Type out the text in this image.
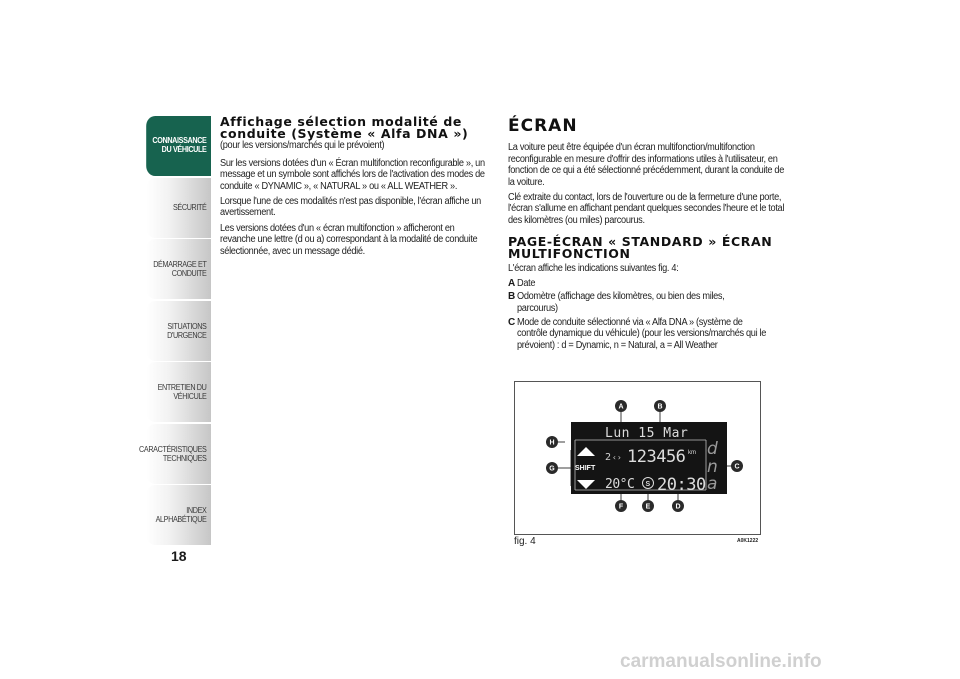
CONNAISSANCE
DU VÉHICULE
SÉCURITÉ
DÉMARRAGE ET
CONDUITE
SITUATIONS
D'URGENCE
ENTRETIEN DU
VÉHICULE
CARACTÉRISTIQUES
TECHNIQUES
INDEX
ALPHABÉTIQUE
18
Affichage sélection modalité de
conduite (Système « Alfa DNA »)

(pour les versions/marchés qui le prévoient)

Sur les versions dotées d'un « Écran multifonction reconfigurable », un message et un symbole sont affichés lors de l'activation des modes de conduite « DYNAMIC », « NATURAL » ou « ALL WEATHER ».

Lorsque l'une de ces modalités n'est pas disponible, l'écran affiche un avertissement.

Les versions dotées d'un « écran multifonction » afficheront en revanche une lettre (d ou a) correspondant à la modalité de conduite sélectionnée, avec un message dédié.

ÉCRAN

La voiture peut être équipée d'un écran multifonction/multifonction reconfigurable en mesure d'offrir des informations utiles à l'utilisateur, en fonction de ce qui a été sélectionné précédemment, durant la conduite de la voiture.

Clé extraite du contact, lors de l'ouverture ou de la fermeture d'une porte, l'écran s'allume en affichant pendant quelques secondes l'heure et le total des kilomètres (ou miles) parcourus.

PAGE-ÉCRAN « STANDARD » ÉCRAN
MULTIFONCTION

L'écran affiche les indications suivantes fig. 4:

A Date
B Odomètre (affichage des kilomètres, ou bien des miles, parcourus)
C Mode de conduite sélectionné via « Alfa DNA » (système de contrôle dynamique du véhicule) (pour les versions/marchés qui le prévoient) : d = Dynamic, n = Natural, a = All Weather
SHIFT
Lun 15 Mar
2 ‹› 123456 km d
n
a
20°C S 20:30
A	B
C
D
E
F
G
H
fig. 4	A0K1222
carmanualsonline.info
